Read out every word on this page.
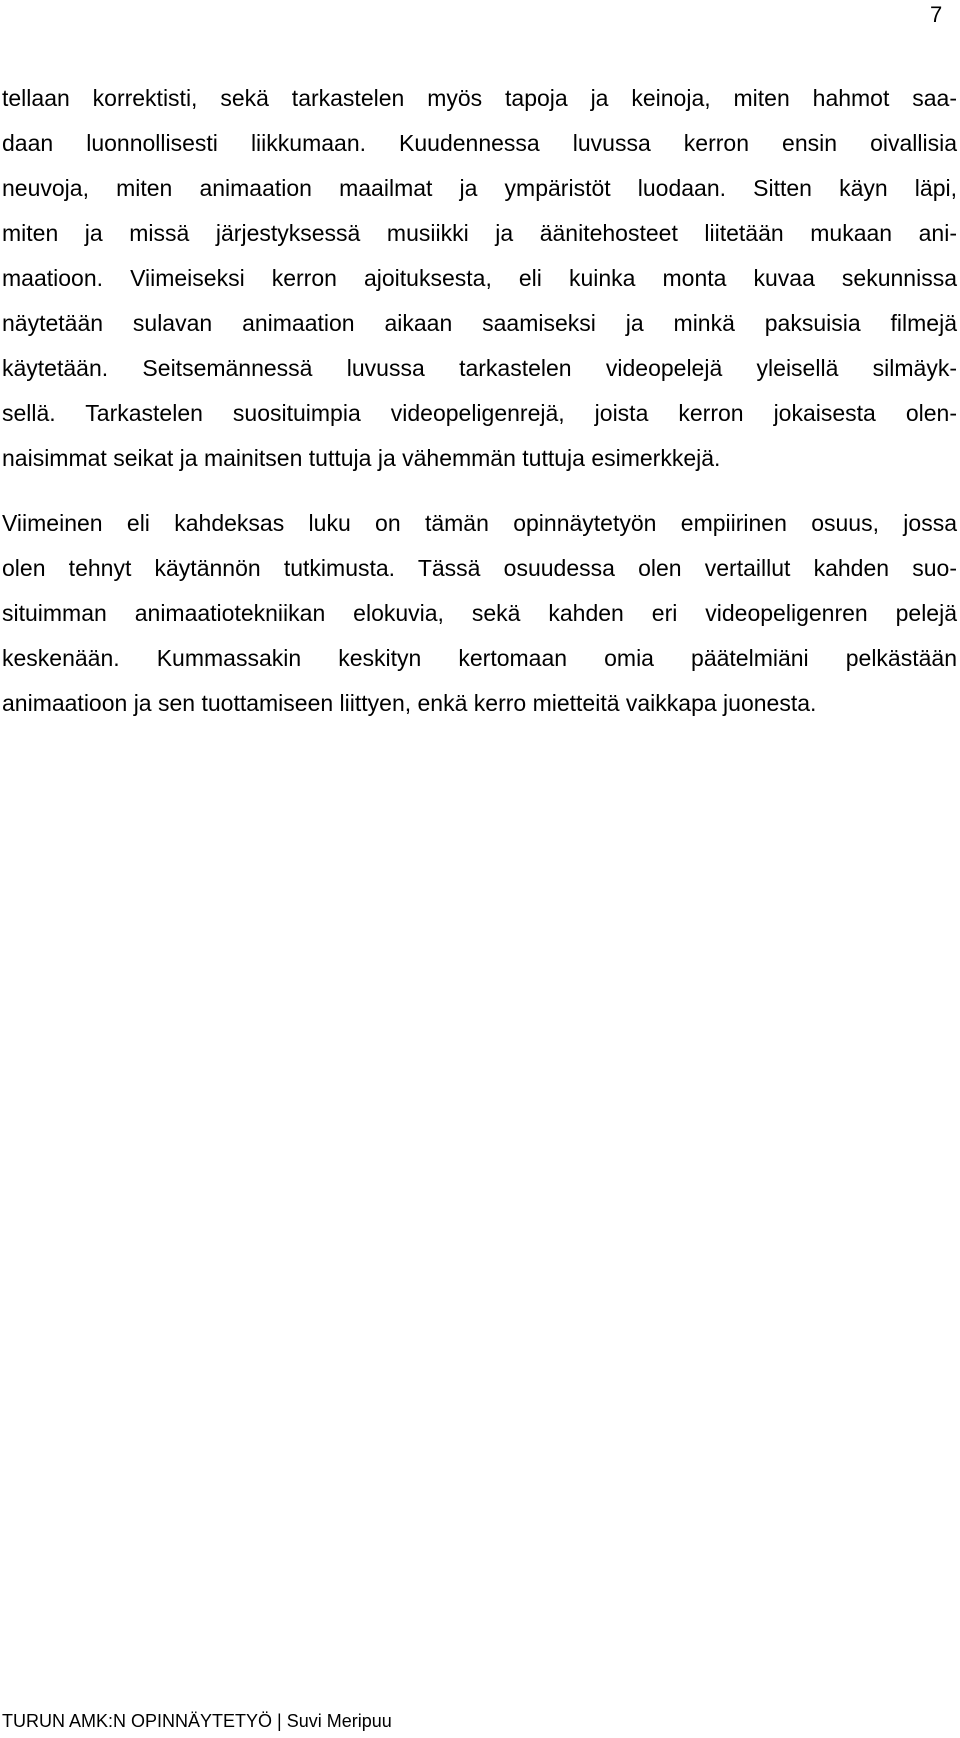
7
tellaan korrektisti, sekä tarkastelen myös tapoja ja keinoja, miten hahmot saa-
daan luonnollisesti liikkumaan. Kuudennessa luvussa kerron ensin oivallisia
neuvoja, miten animaation maailmat ja ympäristöt luodaan. Sitten käyn läpi,
miten ja missä järjestyksessä musiikki ja äänitehosteet liitetään mukaan ani-
maatioon. Viimeiseksi kerron ajoituksesta, eli kuinka monta kuvaa sekunnissa
näytetään sulavan animaation aikaan saamiseksi ja minkä paksuisia filmejä
käytetään. Seitsemännessä luvussa tarkastelen videopelejä yleisellä silmäyk-
sellä. Tarkastelen suosituimpia videopeligenrejä, joista kerron jokaisesta olen-
naisimmat seikat ja mainitsen tuttuja ja vähemmän tuttuja esimerkkejä.
Viimeinen eli kahdeksas luku on tämän opinnäytetyön empiirinen osuus, jossa
olen tehnyt käytännön tutkimusta. Tässä osuudessa olen vertaillut kahden suo-
situimman animaatiotekniikan elokuvia, sekä kahden eri videopeligenren pelejä
keskenään. Kummassakin keskityn kertomaan omia päätelmiäni pelkästään
animaatioon ja sen tuottamiseen liittyen, enkä kerro mietteitä vaikkapa juonesta.
TURUN AMK:N OPINNÄYTETYÖ | Suvi Meripuu
